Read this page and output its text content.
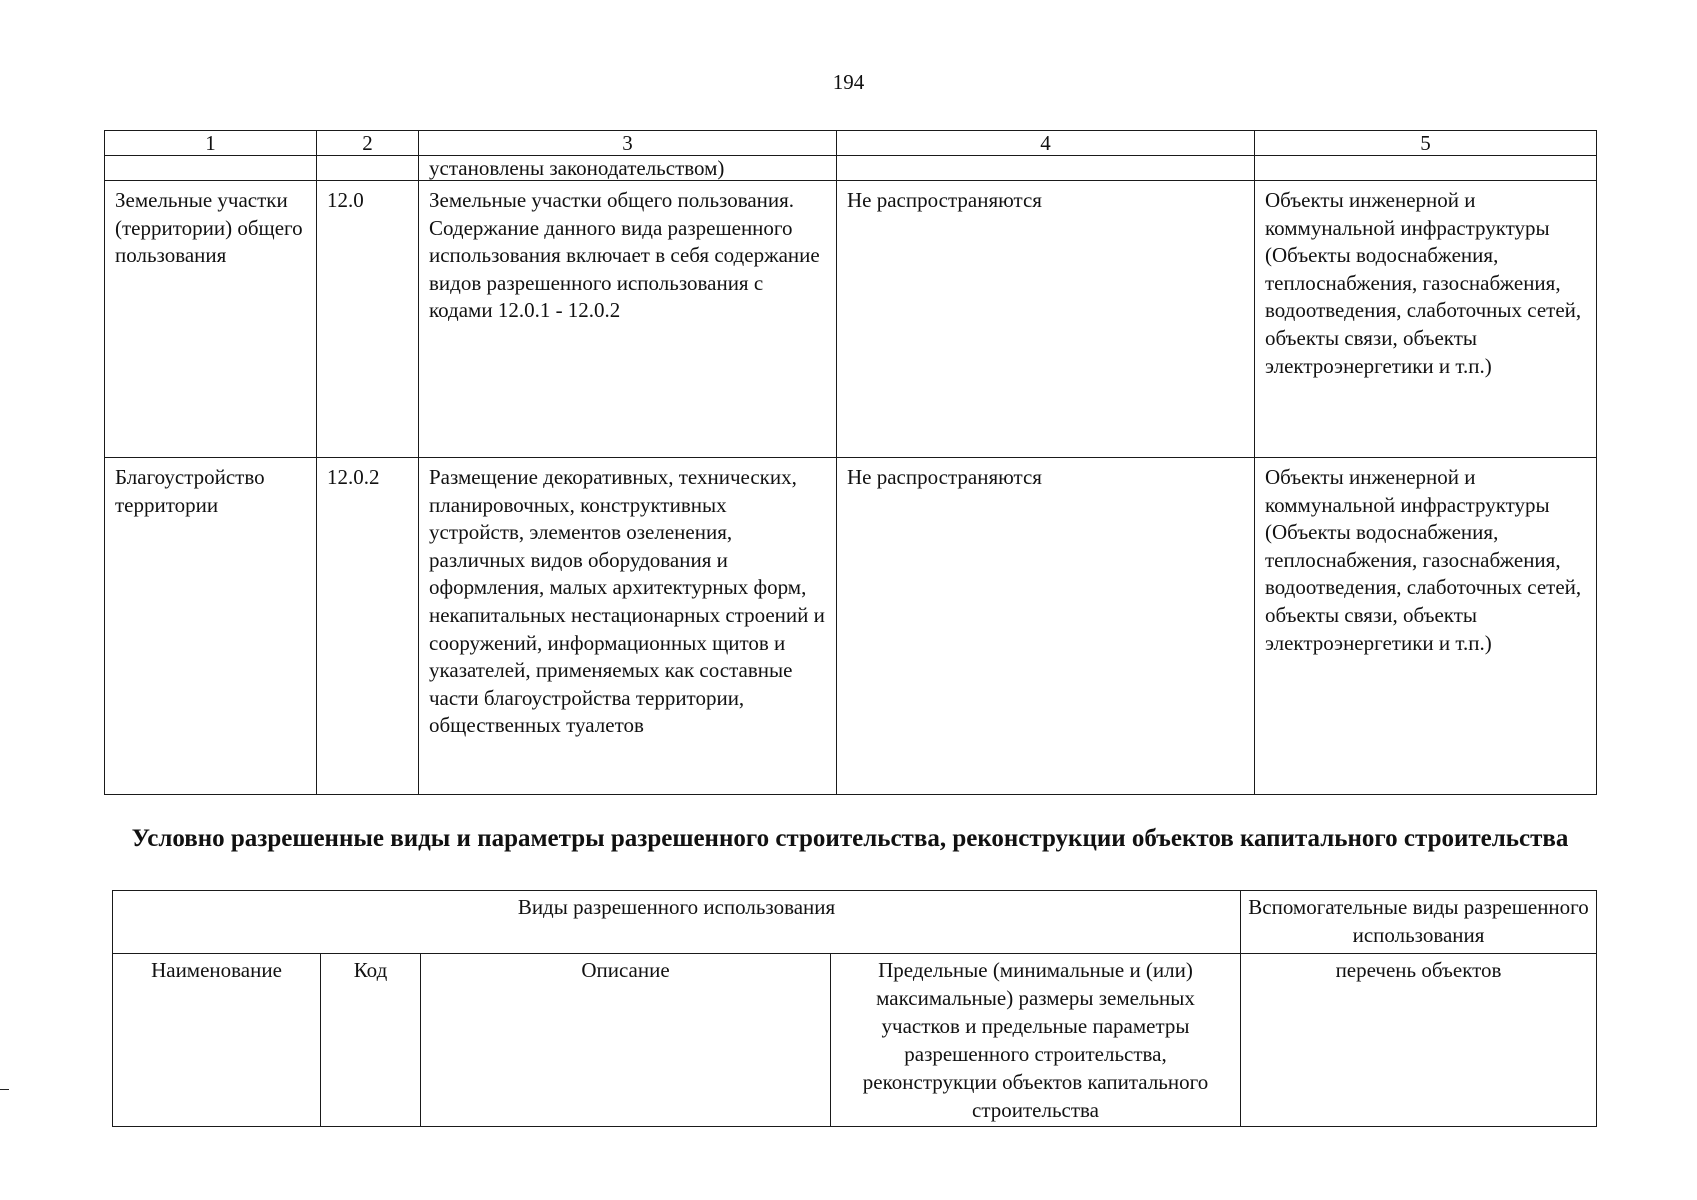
194
1	2	3	4	5
		установлены законодательством)		
Земельные участки (территории) общего пользования	12.0	Земельные участки общего пользования. Содержание данного вида разрешенного использования включает в себя содержание видов разрешенного использования с кодами 12.0.1 - 12.0.2	Не распространяются	Объекты инженерной и коммунальной инфраструктуры (Объекты водоснабжения, теплоснабжения, газоснабжения, водоотведения, слаботочных сетей, объекты связи, объекты электроэнергетики и т.п.)
Благоустройство территории	12.0.2	Размещение декоративных, технических, планировочных, конструктивных устройств, элементов озеленения, различных видов оборудования и оформления, малых архитектурных форм, некапитальных нестационарных строений и сооружений, информационных щитов и указателей, применяемых как составные части благоустройства территории, общественных туалетов	Не распространяются	Объекты инженерной и коммунальной инфраструктуры (Объекты водоснабжения, теплоснабжения, газоснабжения, водоотведения, слаботочных сетей, объекты связи, объекты электроэнергетики и т.п.)
Условно разрешенные виды и параметры разрешенного строительства, реконструкции объектов капитального строительства
Виды разрешенного использования				Вспомогательные виды разрешенного использования
Наименование	Код	Описание	Предельные (минимальные и (или) максимальные) размеры земельных участков и предельные параметры разрешенного строительства, реконструкции объектов капитального строительства	перечень объектов
